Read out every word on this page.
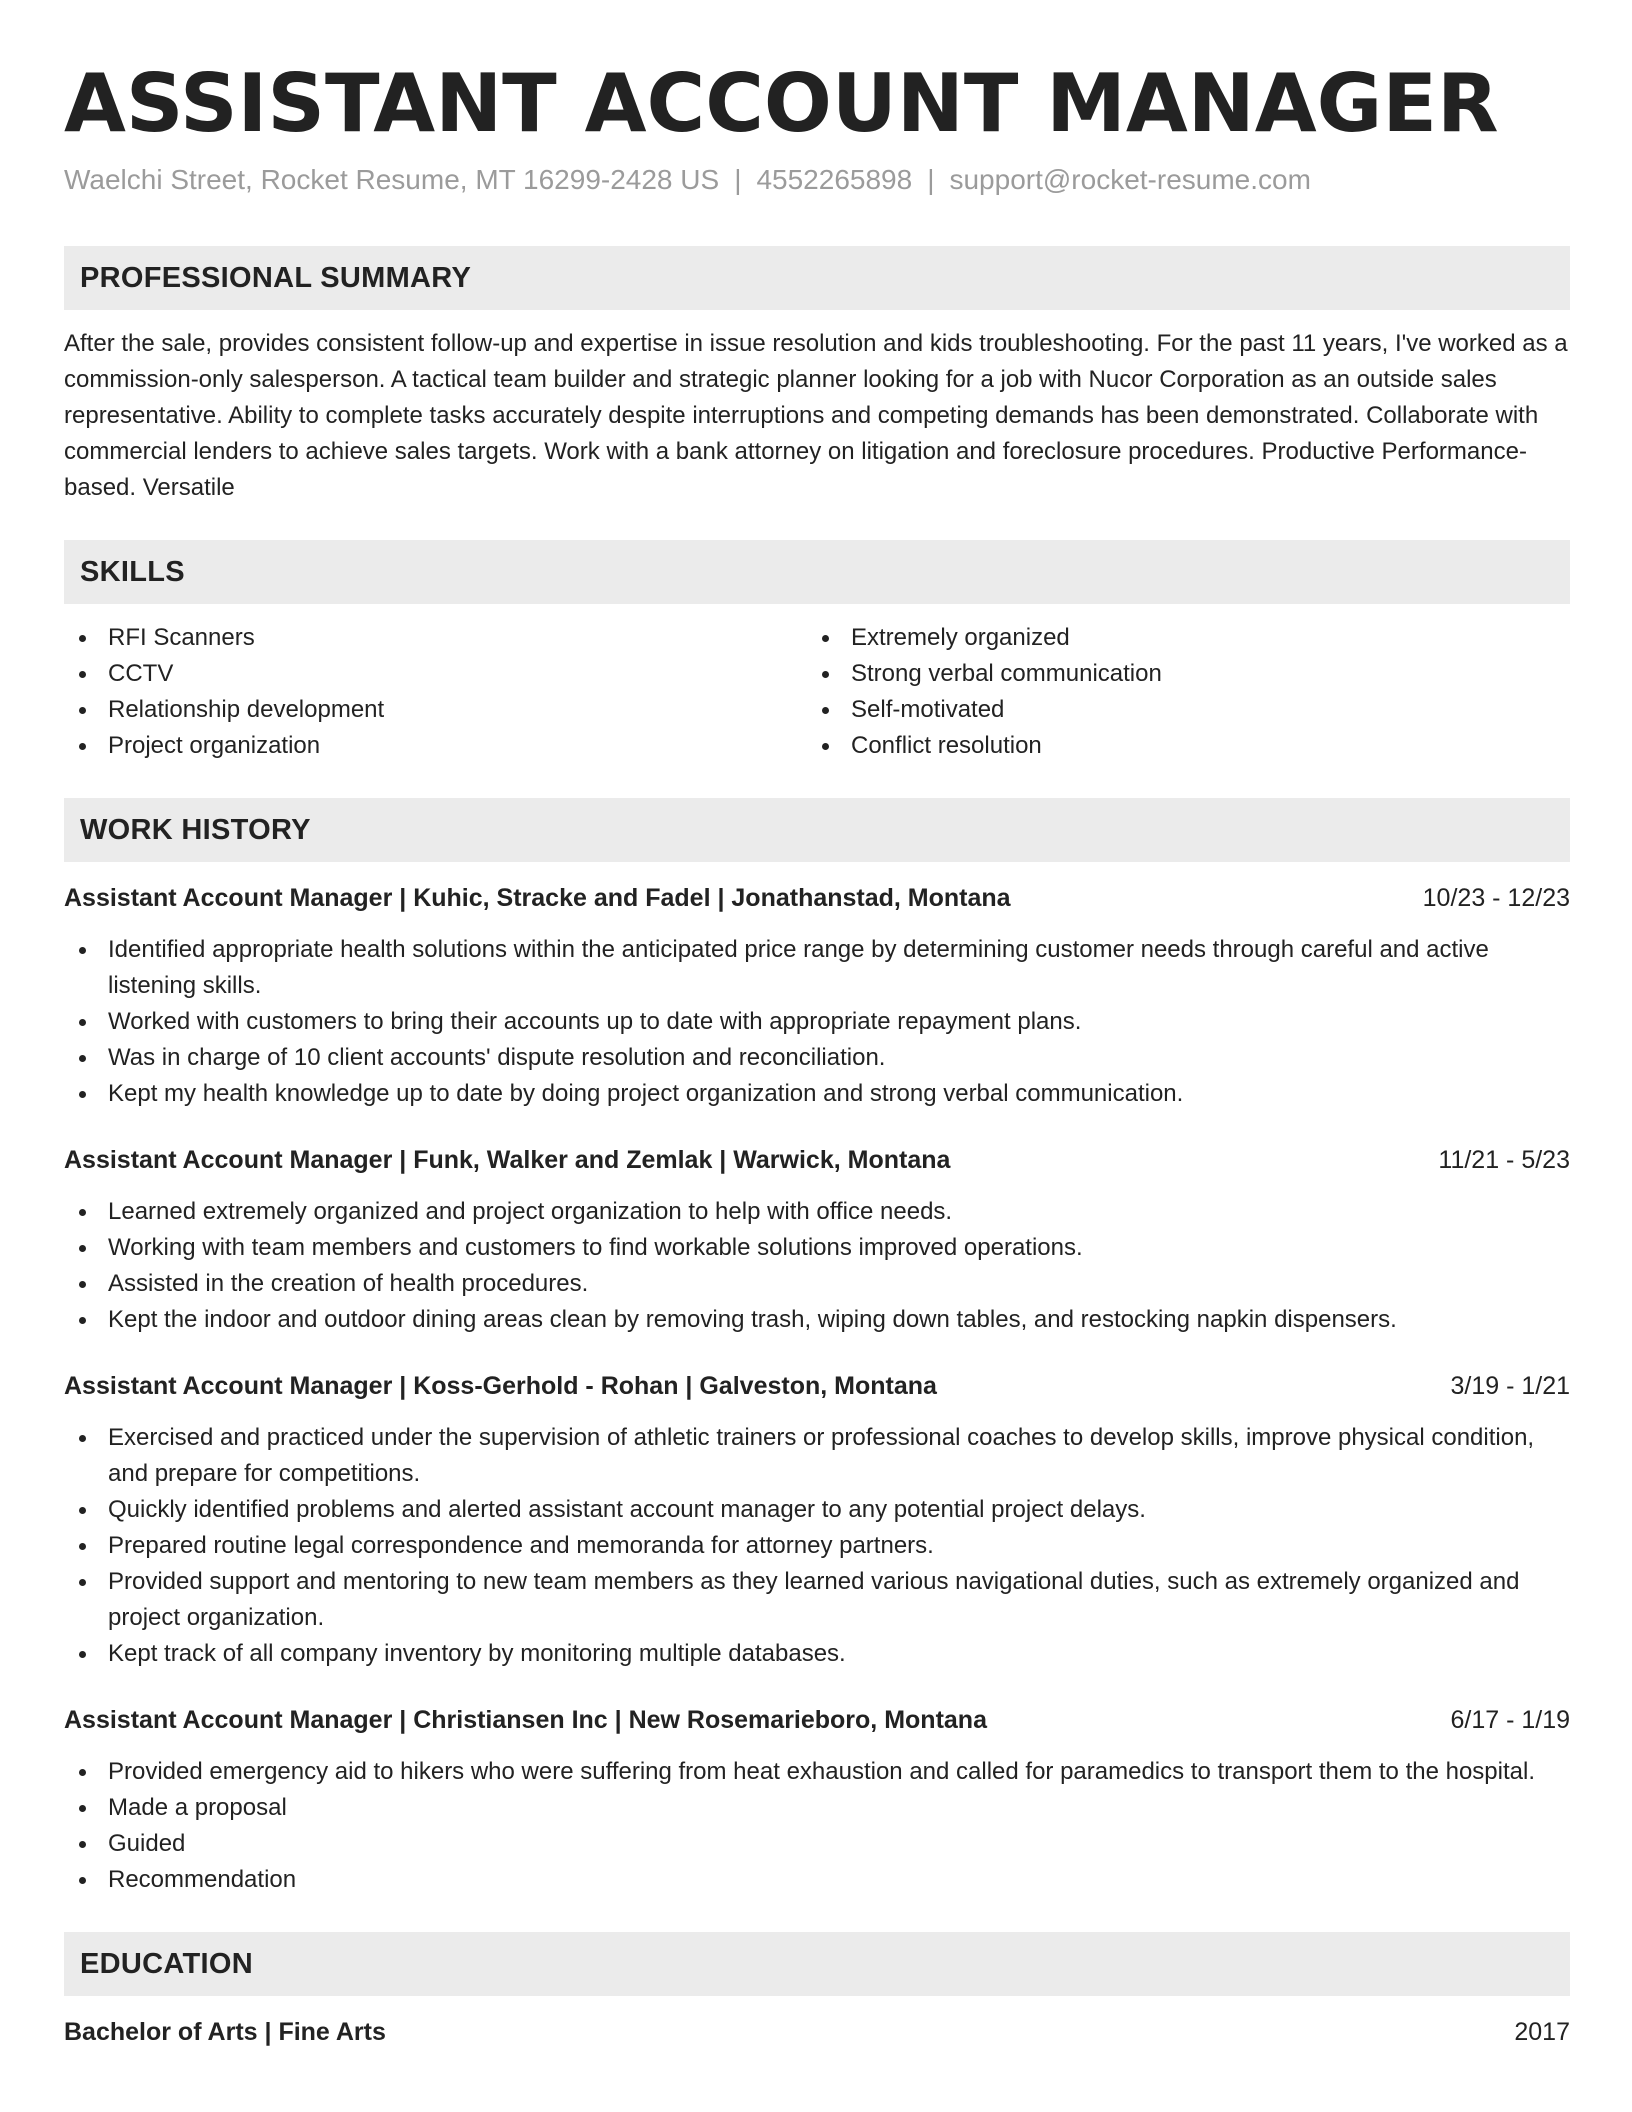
ASSISTANT ACCOUNT MANAGER
Waelchi Street, Rocket Resume, MT 16299-2428 US | 4552265898 | support@rocket-resume.com
PROFESSIONAL SUMMARY

After the sale, provides consistent follow-up and expertise in issue resolution and kids troubleshooting. For the past 11 years, I've worked as a commission-only salesperson. A tactical team builder and strategic planner looking for a job with Nucor Corporation as an outside sales representative. Ability to complete tasks accurately despite interruptions and competing demands has been demonstrated. Collaborate with commercial lenders to achieve sales targets. Work with a bank attorney on litigation and foreclosure procedures. Productive Performance-based. Versatile

SKILLS
RFI Scanners
CCTV
Relationship development
Project organization
Extremely organized
Strong verbal communication
Self-motivated
Conflict resolution
WORK HISTORY
Assistant Account Manager | Kuhic, Stracke and Fadel | Jonathanstad, Montana	10/23 - 12/23
Identified appropriate health solutions within the anticipated price range by determining customer needs through careful and active listening skills.
Worked with customers to bring their accounts up to date with appropriate repayment plans.
Was in charge of 10 client accounts' dispute resolution and reconciliation.
Kept my health knowledge up to date by doing project organization and strong verbal communication.
Assistant Account Manager | Funk, Walker and Zemlak | Warwick, Montana	11/21 - 5/23
Learned extremely organized and project organization to help with office needs.
Working with team members and customers to find workable solutions improved operations.
Assisted in the creation of health procedures.
Kept the indoor and outdoor dining areas clean by removing trash, wiping down tables, and restocking napkin dispensers.
Assistant Account Manager | Koss-Gerhold - Rohan | Galveston, Montana	3/19 - 1/21
Exercised and practiced under the supervision of athletic trainers or professional coaches to develop skills, improve physical condition, and prepare for competitions.
Quickly identified problems and alerted assistant account manager to any potential project delays.
Prepared routine legal correspondence and memoranda for attorney partners.
Provided support and mentoring to new team members as they learned various navigational duties, such as extremely organized and project organization.
Kept track of all company inventory by monitoring multiple databases.
Assistant Account Manager | Christiansen Inc | New Rosemarieboro, Montana	6/17 - 1/19
Provided emergency aid to hikers who were suffering from heat exhaustion and called for paramedics to transport them to the hospital.
Made a proposal
Guided
Recommendation
EDUCATION
Bachelor of Arts | Fine Arts	2017
